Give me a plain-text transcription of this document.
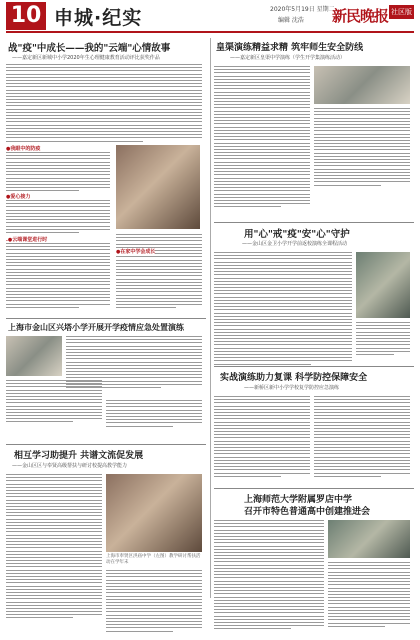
10 申城·纪实	2020年5月19日 星期二
编辑 沈浩 新民晚报 社区版
战"疫"中成长——我的"云端"心情故事
——嘉定新区新城中小学2020年生心理健康教育活动评比获奖作品
●我眼中的防疫
●爱心接力
.●云端课堂进行时
●在家中学会成长
皇渠演练精益求精 筑牢师生安全防线
——嘉定新区皇渠中学演练（学生开学集演练活动）
用"心"戒"疫"安"心"守护
——金山区金卫小学开学前返校演练全课程活动
上海市金山区兴塔小学开展开学疫情应急处置演练
实战演练助力复课 科学防控保障安全
——新桥区新中小学学校复学防控应急演练
相互学习助提升 共谱文流促发展
——金山区区与奉贤高级帮扶与研讨校提高教学能力
上海市奉贤区洪庙中学（左图）教学研讨帮扶活动在学年末
上海师范大学附属罗店中学
召开市特色普通高中创建推进会
